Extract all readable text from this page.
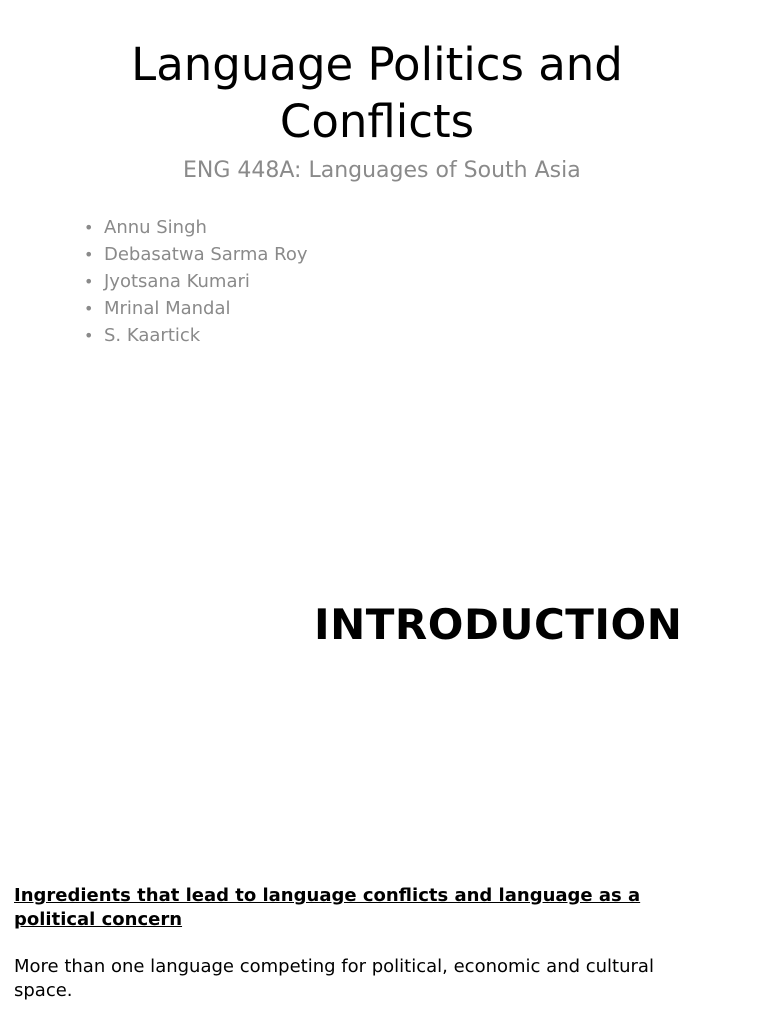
Language Politics and Conflicts

ENG 448A: Languages of South Asia

• Annu Singh
• Debasatwa Sarma Roy
• Jyotsana Kumari
• Mrinal Mandal
• S. Kaartick
INTRODUCTION
Ingredients that lead to language conflicts and language as a political concern

More than one language competing for political, economic and cultural space.
